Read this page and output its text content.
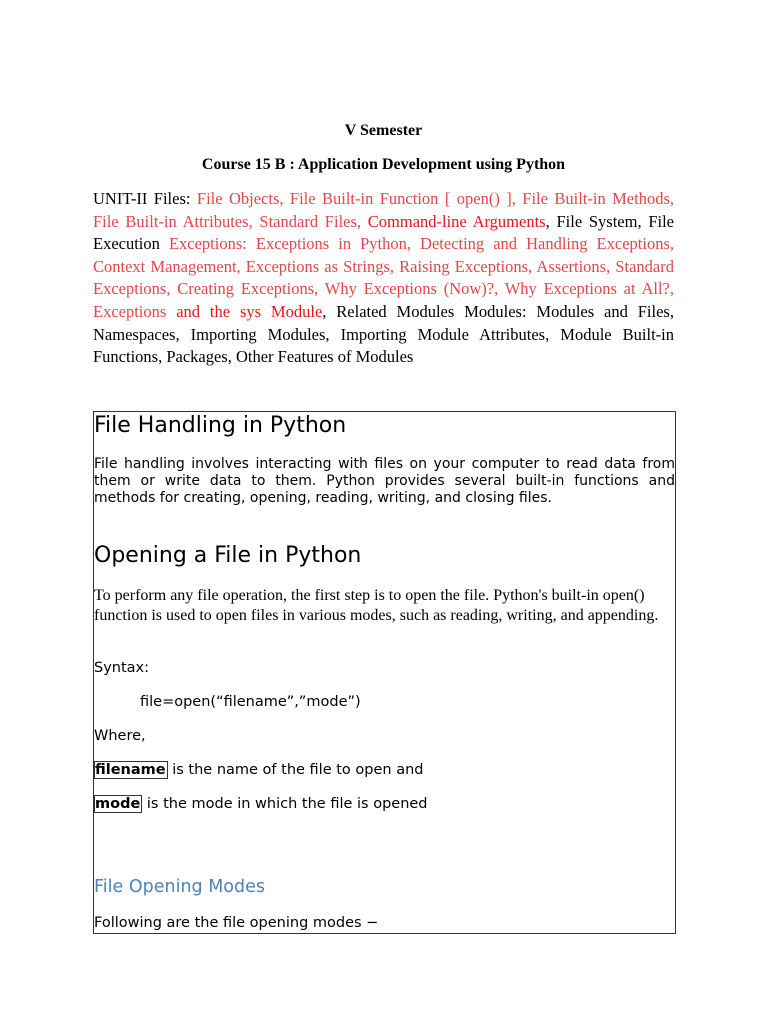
V Semester
Course 15 B : Application Development using Python
UNIT-II Files: File Objects, File Built-in Function [ open() ], File Built-in Methods, File Built-in Attributes, Standard Files, Command-line Arguments, File System, File Execution Exceptions: Exceptions in Python, Detecting and Handling Exceptions, Context Management, Exceptions as Strings, Raising Exceptions, Assertions, Standard Exceptions, Creating Exceptions, Why Exceptions (Now)?, Why Exceptions at All?, Exceptions and the sys Module, Related Modules Modules: Modules and Files, Namespaces, Importing Modules, Importing Module Attributes, Module Built-in Functions, Packages, Other Features of Modules
File Handling in Python

File handling involves interacting with files on your computer to read data from them or write data to them. Python provides several built-in functions and methods for creating, opening, reading, writing, and closing files.

Opening a File in Python

To perform any file operation, the first step is to open the file. Python's built-in open() function is used to open files in various modes, such as reading, writing, and appending.

Syntax:

file=open(“filename”,”mode”)

Where,

filename is the name of the file to open and

mode is the mode in which the file is opened

File Opening Modes

Following are the file opening modes −
